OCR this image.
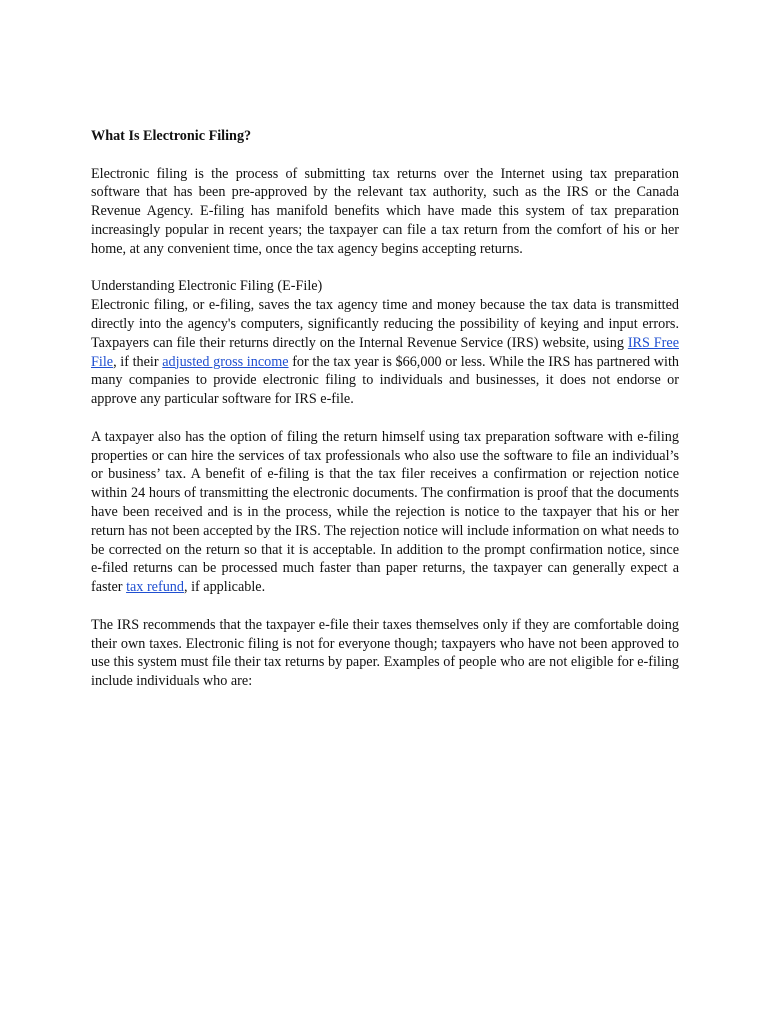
What Is Electronic Filing?

Electronic filing is the process of submitting tax returns over the Internet using tax preparation software that has been pre-approved by the relevant tax authority, such as the IRS or the Canada Revenue Agency. E-filing has manifold benefits which have made this system of tax preparation increasingly popular in recent years; the taxpayer can file a tax return from the comfort of his or her home, at any convenient time, once the tax agency begins accepting returns.

Understanding Electronic Filing (E-File)

Electronic filing, or e-filing, saves the tax agency time and money because the tax data is transmitted directly into the agency's computers, significantly reducing the possibility of keying and input errors. Taxpayers can file their returns directly on the Internal Revenue Service (IRS) website, using IRS Free File, if their adjusted gross income for the tax year is $66,000 or less. While the IRS has partnered with many companies to provide electronic filing to individuals and businesses, it does not endorse or approve any particular software for IRS e-file.

A taxpayer also has the option of filing the return himself using tax preparation software with e-filing properties or can hire the services of tax professionals who also use the software to file an individual’s or business’ tax. A benefit of e-filing is that the tax filer receives a confirmation or rejection notice within 24 hours of transmitting the electronic documents. The confirmation is proof that the documents have been received and is in the process, while the rejection is notice to the taxpayer that his or her return has not been accepted by the IRS. The rejection notice will include information on what needs to be corrected on the return so that it is acceptable. In addition to the prompt confirmation notice, since e-filed returns can be processed much faster than paper returns, the taxpayer can generally expect a faster tax refund, if applicable.

The IRS recommends that the taxpayer e-file their taxes themselves only if they are comfortable doing their own taxes. Electronic filing is not for everyone though; taxpayers who have not been approved to use this system must file their tax returns by paper. Examples of people who are not eligible for e-filing include individuals who are:
